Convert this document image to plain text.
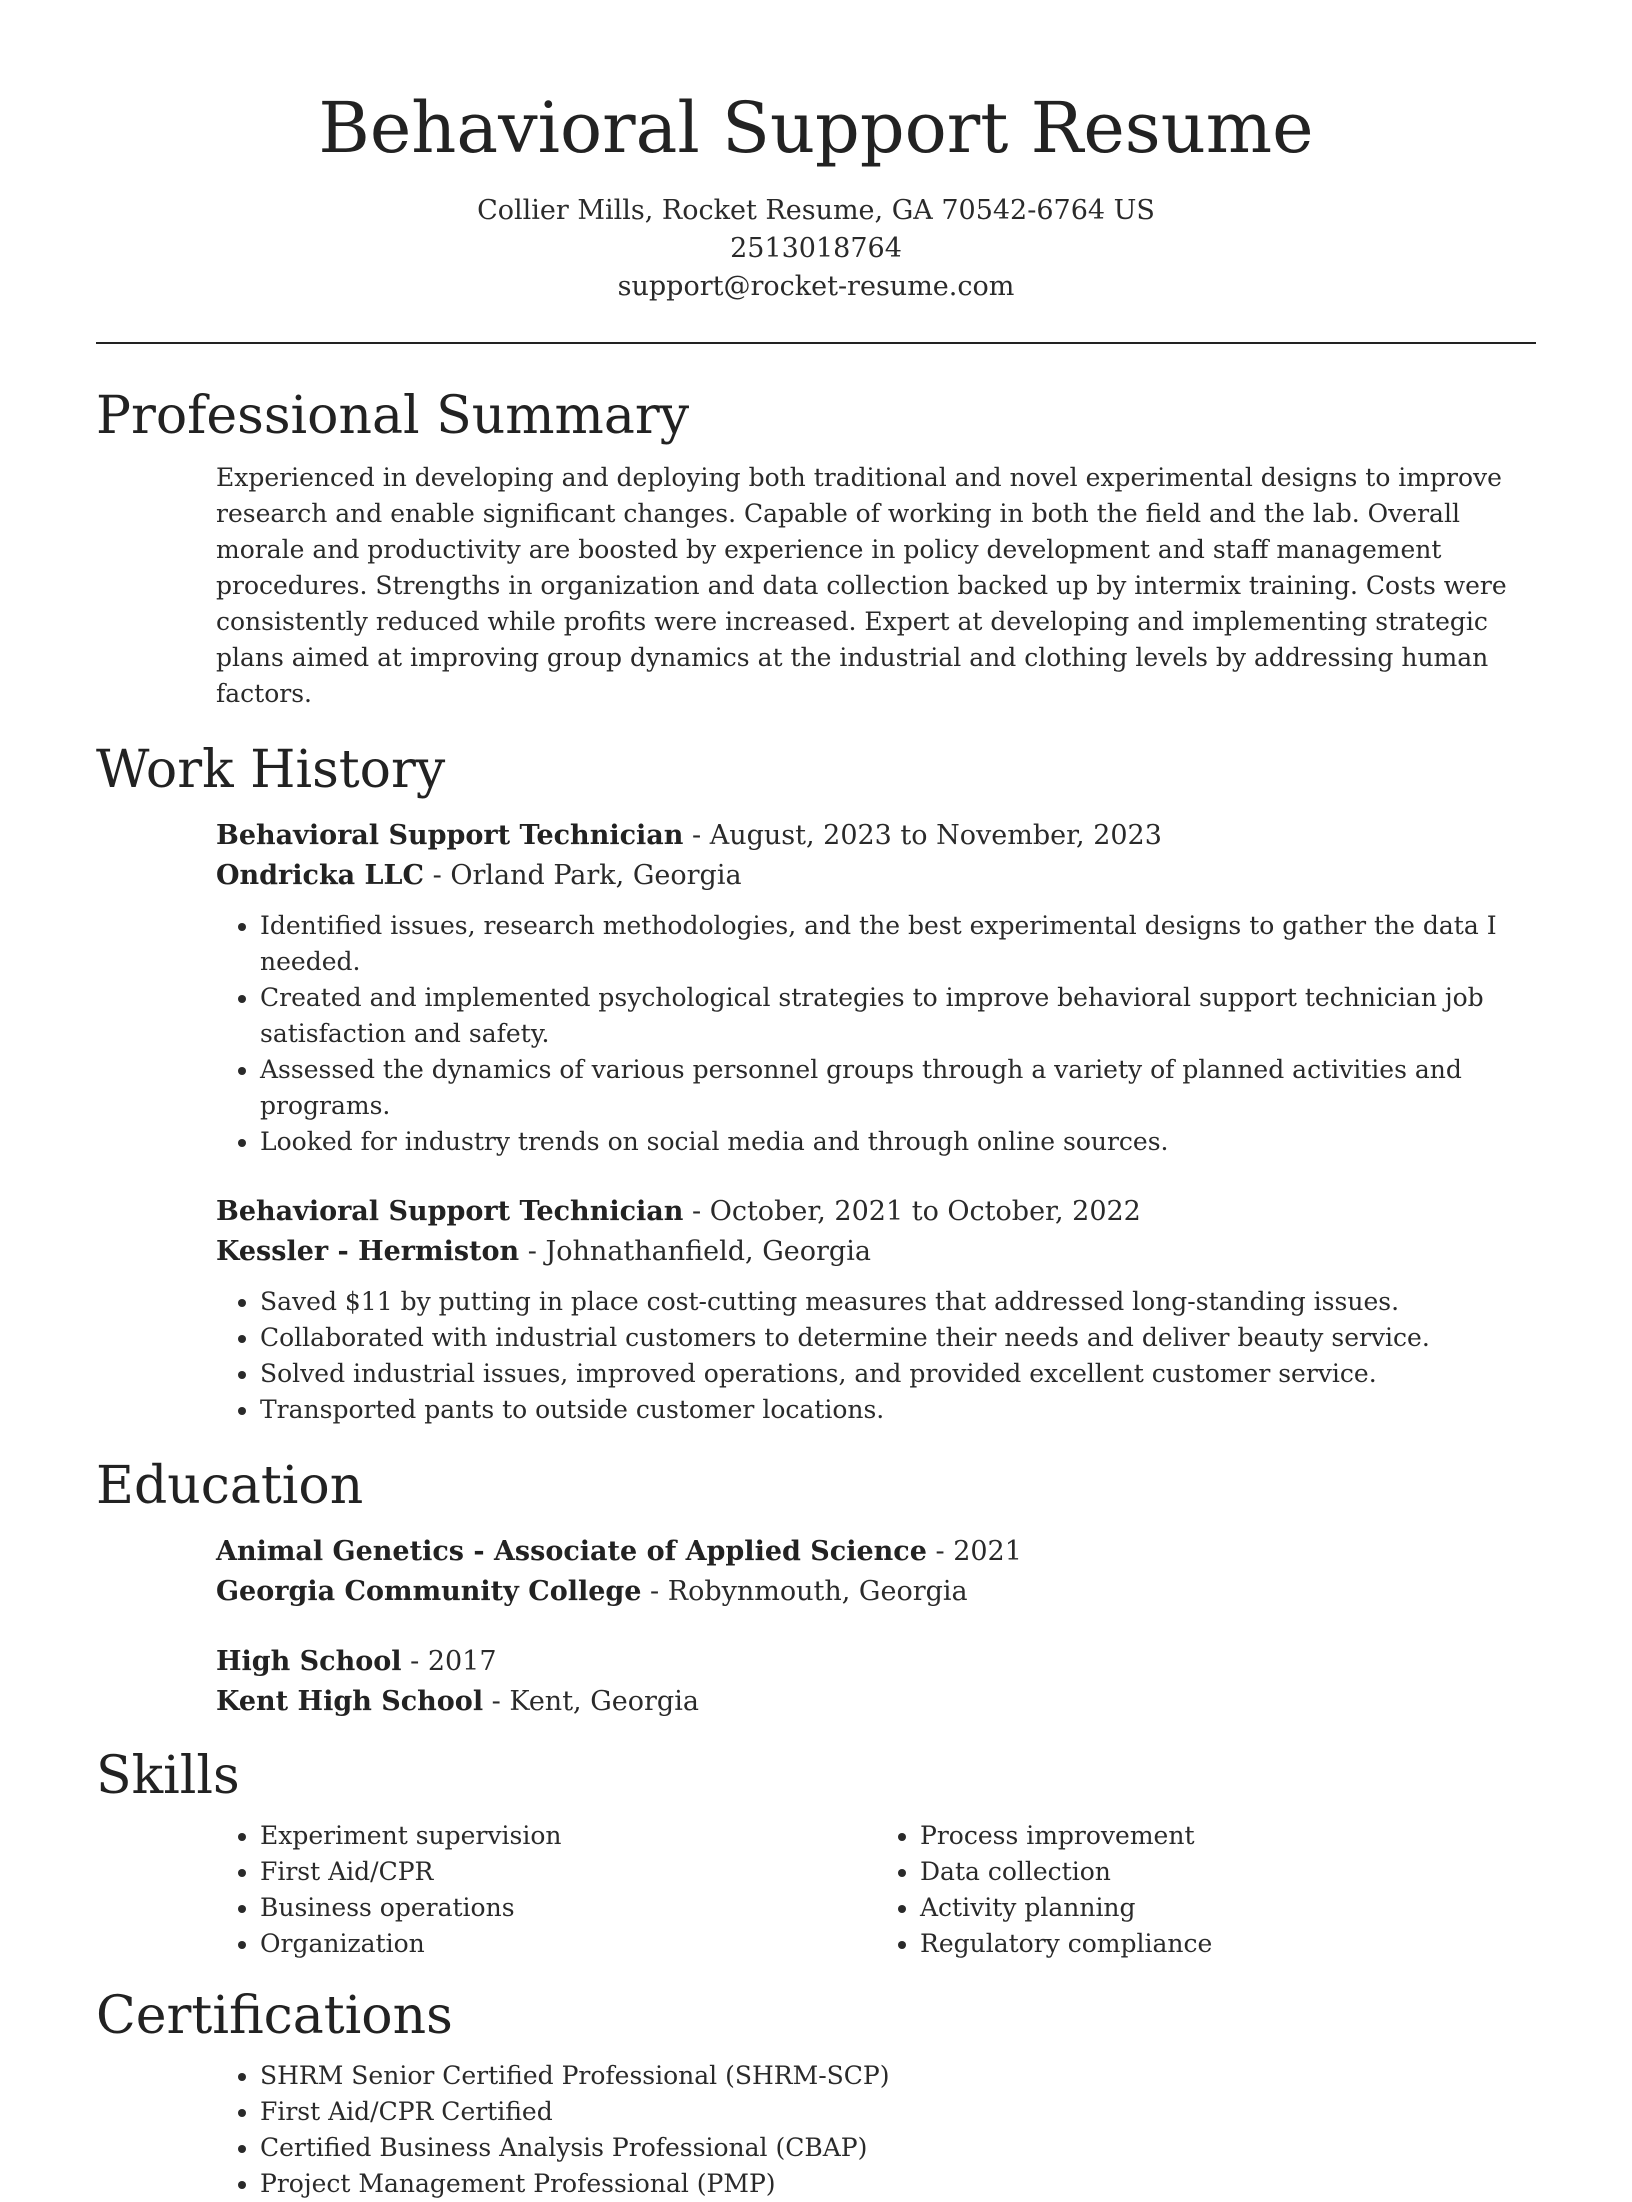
Behavioral Support Resume
Collier Mills, Rocket Resume, GA 70542-6764 US
2513018764
support@rocket-resume.com
Professional Summary

Experienced in developing and deploying both traditional and novel experimental designs to improve research and enable significant changes. Capable of working in both the field and the lab. Overall morale and productivity are boosted by experience in policy development and staff management procedures. Strengths in organization and data collection backed up by intermix training. Costs were consistently reduced while profits were increased. Expert at developing and implementing strategic plans aimed at improving group dynamics at the industrial and clothing levels by addressing human factors.

Work History
Behavioral Support Technician - August, 2023 to November, 2023
Ondricka LLC - Orland Park, Georgia
• Identified issues, research methodologies, and the best experimental designs to gather the data I needed.
• Created and implemented psychological strategies to improve behavioral support technician job satisfaction and safety.
• Assessed the dynamics of various personnel groups through a variety of planned activities and programs.
• Looked for industry trends on social media and through online sources.
Behavioral Support Technician - October, 2021 to October, 2022
Kessler - Hermiston - Johnathanfield, Georgia
• Saved $11 by putting in place cost-cutting measures that addressed long-standing issues.
• Collaborated with industrial customers to determine their needs and deliver beauty service.
• Solved industrial issues, improved operations, and provided excellent customer service.
• Transported pants to outside customer locations.
Education
Animal Genetics - Associate of Applied Science - 2021
Georgia Community College - Robynmouth, Georgia
High School - 2017
Kent High School - Kent, Georgia
Skills
• Experiment supervision
• First Aid/CPR
• Business operations
• Organization
• Process improvement
• Data collection
• Activity planning
• Regulatory compliance
Certifications
• SHRM Senior Certified Professional (SHRM-SCP)
• First Aid/CPR Certified
• Certified Business Analysis Professional (CBAP)
• Project Management Professional (PMP)
